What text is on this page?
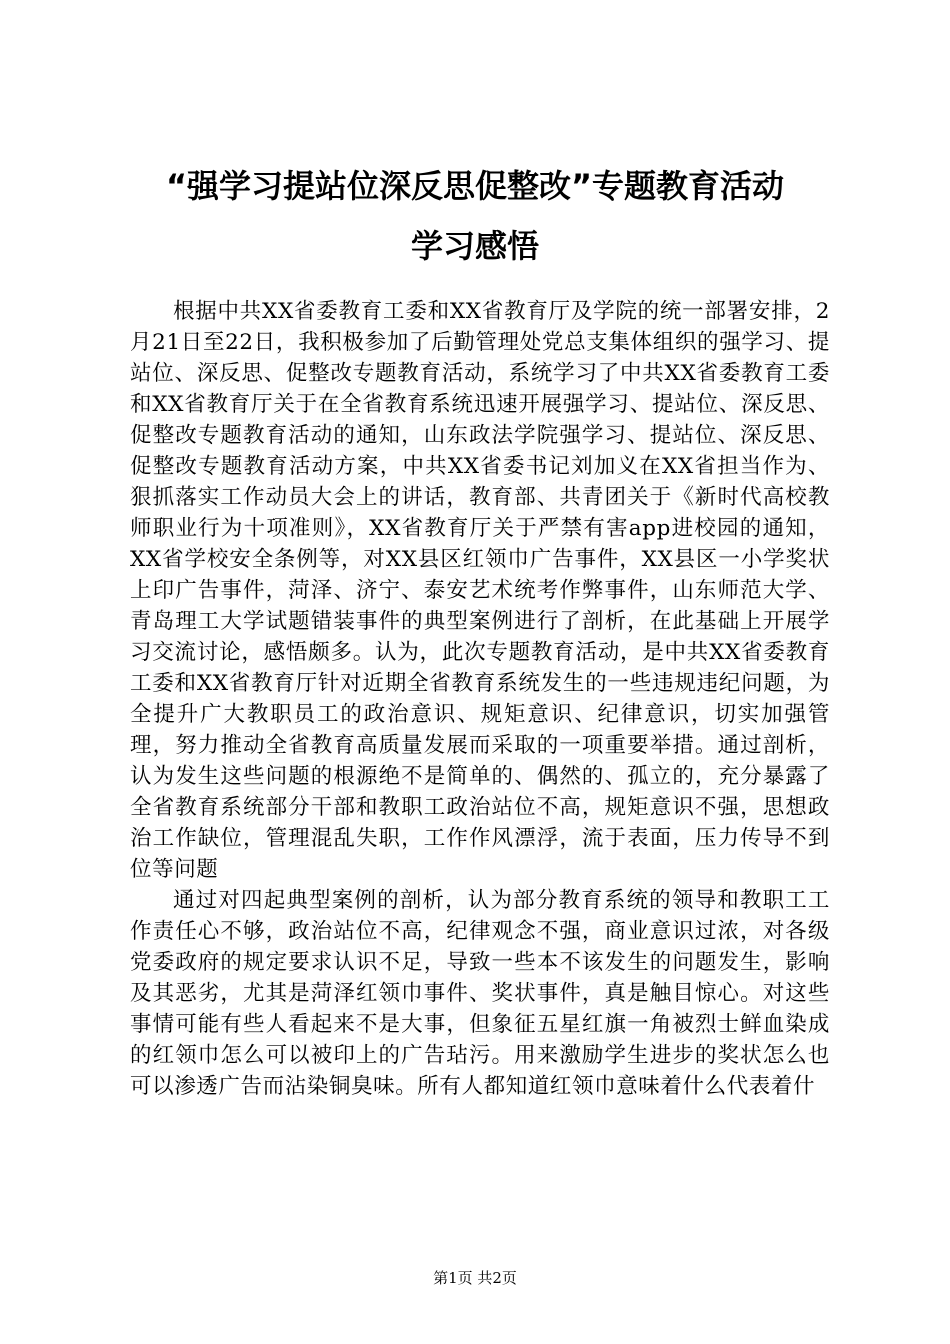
“强学习提站位深反思促整改”专题教育活动
学习感悟

根据中共XX省委教育工委和XX省教育厅及学院的统一部署安排，2月21日至22日，我积极参加了后勤管理处党总支集体组织的强学习、提站位、深反思、促整改专题教育活动，系统学习了中共XX省委教育工委和XX省教育厅关于在全省教育系统迅速开展强学习、提站位、深反思、促整改专题教育活动的通知，山东政法学院强学习、提站位、深反思、促整改专题教育活动方案，中共XX省委书记刘加义在XX省担当作为、狠抓落实工作动员大会上的讲话，教育部、共青团关于《新时代高校教师职业行为十项准则》，XX省教育厅关于严禁有害app进校园的通知，XX省学校安全条例等，对XX县区红领巾广告事件，XX县区一小学奖状上印广告事件，菏泽、济宁、泰安艺术统考作弊事件，山东师范大学、青岛理工大学试题错装事件的典型案例进行了剖析，在此基础上开展学习交流讨论，感悟颇多。认为，此次专题教育活动，是中共XX省委教育工委和XX省教育厅针对近期全省教育系统发生的一些违规违纪问题，为全提升广大教职员工的政治意识、规矩意识、纪律意识，切实加强管理，努力推动全省教育高质量发展而采取的一项重要举措。通过剖析，认为发生这些问题的根源绝不是简单的、偶然的、孤立的，充分暴露了全省教育系统部分干部和教职工政治站位不高，规矩意识不强，思想政治工作缺位，管理混乱失职，工作作风漂浮，流于表面，压力传导不到位等问题

通过对四起典型案例的剖析，认为部分教育系统的领导和教职工工作责任心不够，政治站位不高，纪律观念不强，商业意识过浓，对各级党委政府的规定要求认识不足，导致一些本不该发生的问题发生，影响及其恶劣，尤其是菏泽红领巾事件、奖状事件，真是触目惊心。对这些事情可能有些人看起来不是大事，但象征五星红旗一角被烈士鲜血染成的红领巾怎么可以被印上的广告玷污。用来激励学生进步的奖状怎么也可以渗透广告而沾染铜臭味。所有人都知道红领巾意味着什么代表着什

第1页 共2页
